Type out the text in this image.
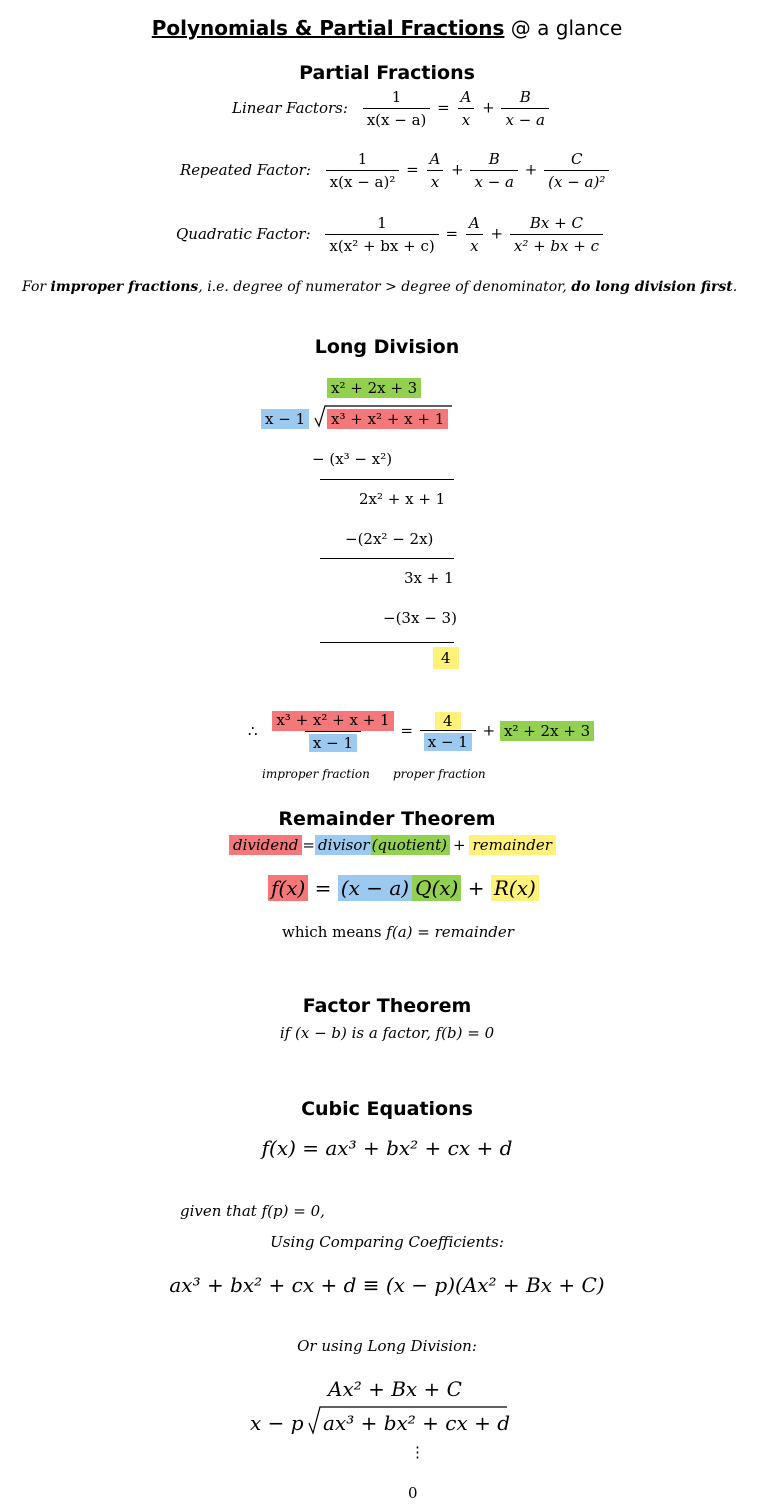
Polynomials & Partial Fractions @ a glance
Partial Fractions
Linear Factors: $\frac{1}{x(x - a)} = \frac{A}{x} + \frac{B}{x - a}$
Repeated Factor: $\frac{1}{\text{x(x − a)²}} = \frac{A}{x} + \frac{B}{x - a} + \frac{C}{\text{(x − a)²}}$
Quadratic Factor: $\frac{1}{\text{x(x² + bx + c)}} = \frac{A}{x} + \frac{Bx + C}{\text{x² + bx + c}}$
For improper fractions, i.e. degree of numerator > degree of denominator, do long division first.
Long Division
x² + 2x + 3
x − 1 x³ + x² + x + 1
− (x³ − x²)
2x² + x + 1
−(2x² − 2x)
3x + 1
−(3x − 3)
4
∴ $\frac{\text{x³ + x² + x + 1}}{x - 1} = \frac{4}{x - 1} + x^2 + 2x + 3$
improper fraction proper fraction
Remainder Theorem
dividend = divisor (quotient) + remainder
f(x) = (x − a) Q(x) + R(x)
which means f(a) = remainder
Factor Theorem
if (x − b) is a factor, f(b) = 0
Cubic Equations
f(x) = ax³ + bx² + cx + d
given that f(p) = 0,
Using Comparing Coefficients:
ax³ + bx² + cx + d ≡ (x − p)(Ax² + Bx + C)
Or using Long Division:
Ax² + Bx + C
x − p ax³ + bx² + cx + d
⋮
0
